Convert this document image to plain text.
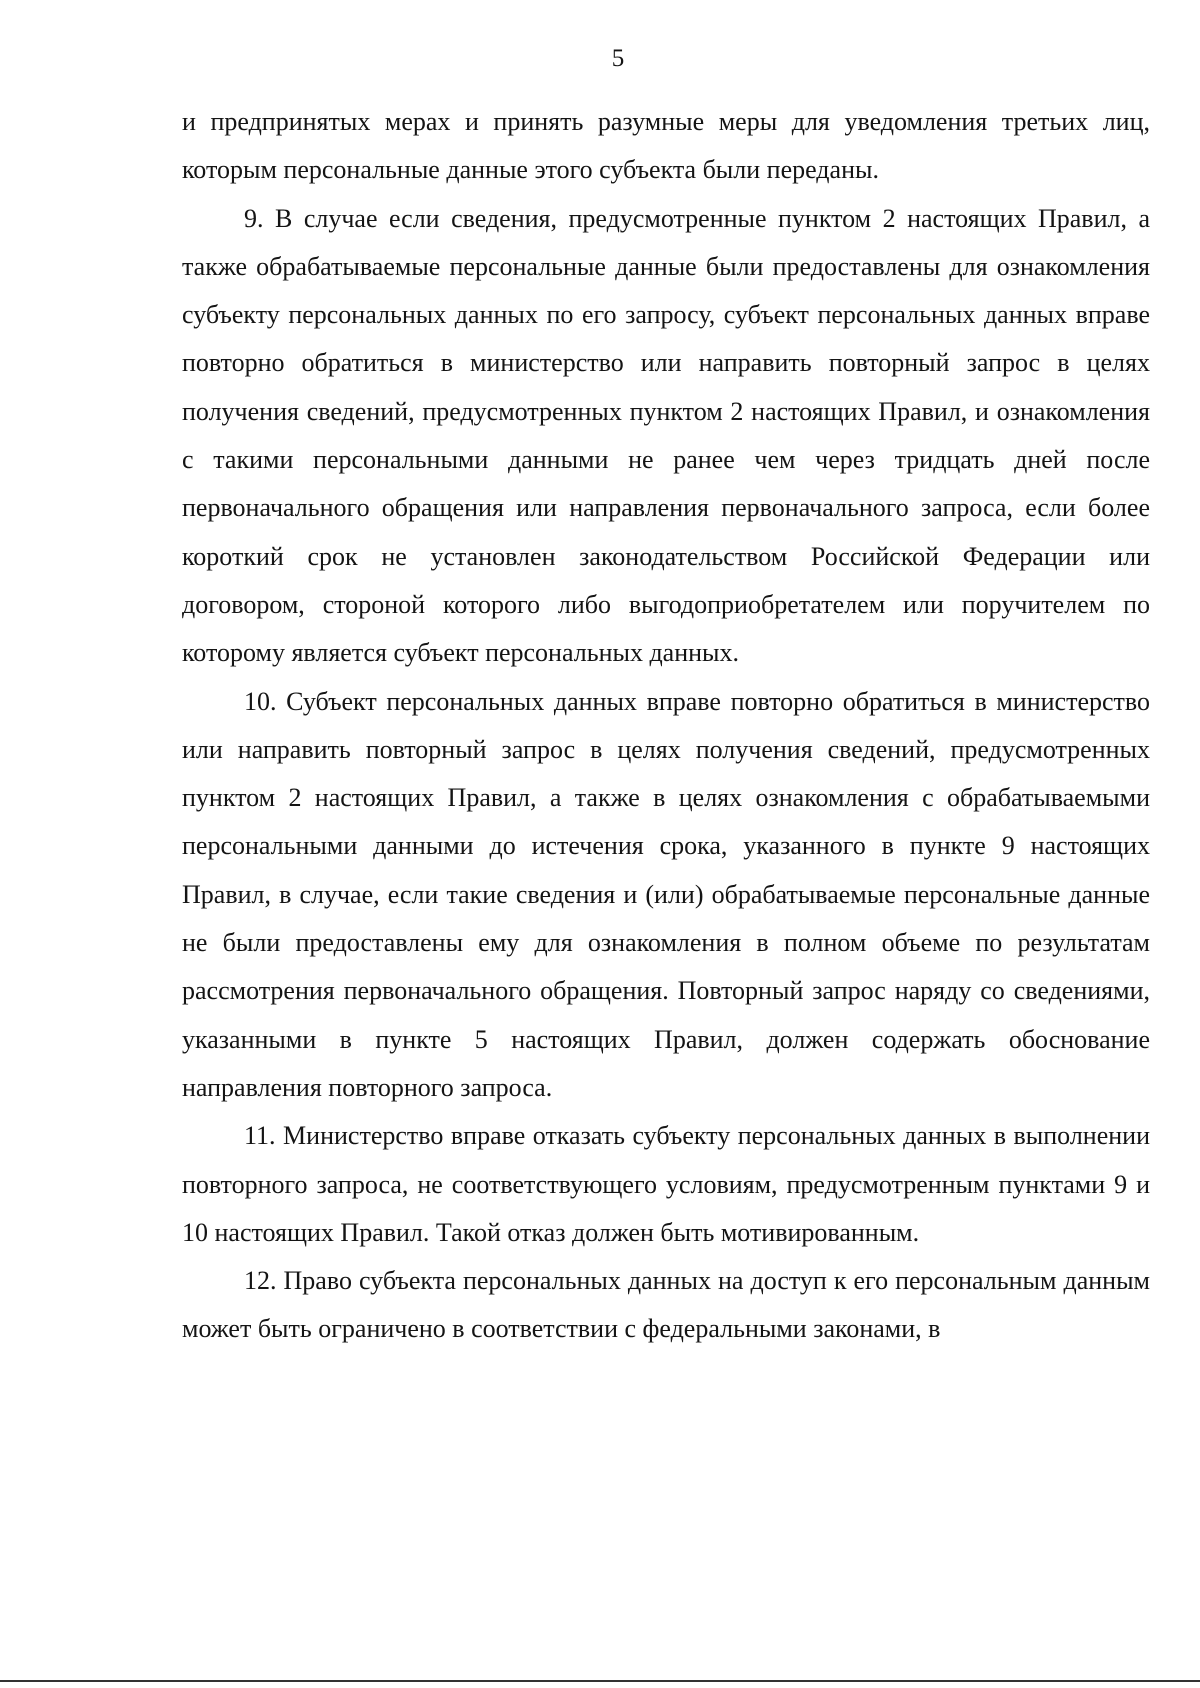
5

и предпринятых мерах и принять разумные меры для уведомления третьих лиц, которым персональные данные этого субъекта были переданы.

9. В случае если сведения, предусмотренные пунктом 2 настоящих Правил, а также обрабатываемые персональные данные были предоставлены для ознакомления субъекту персональных данных по его запросу, субъект персональных данных вправе повторно обратиться в министерство или направить повторный запрос в целях получения сведений, предусмотренных пунктом 2 настоящих Правил, и ознакомления с такими персональными данными не ранее чем через тридцать дней после первоначального обращения или направления первоначального запроса, если более короткий срок не установлен законодательством Российской Федерации или договором, стороной которого либо выгодоприобретателем или поручителем по которому является субъект персональных данных.

10. Субъект персональных данных вправе повторно обратиться в министерство или направить повторный запрос в целях получения сведений, предусмотренных пунктом 2 настоящих Правил, а также в целях ознакомления с обрабатываемыми персональными данными до истечения срока, указанного в пункте 9 настоящих Правил, в случае, если такие сведения и (или) обрабатываемые персональные данные не были предоставлены ему для ознакомления в полном объеме по результатам рассмотрения первоначального обращения. Повторный запрос наряду со сведениями, указанными в пункте 5 настоящих Правил, должен содержать обоснование направления повторного запроса.

11. Министерство вправе отказать субъекту персональных данных в выполнении повторного запроса, не соответствующего условиям, предусмотренным пунктами 9 и 10 настоящих Правил. Такой отказ должен быть мотивированным.

12. Право субъекта персональных данных на доступ к его персональным данным может быть ограничено в соответствии с федеральными законами, в
